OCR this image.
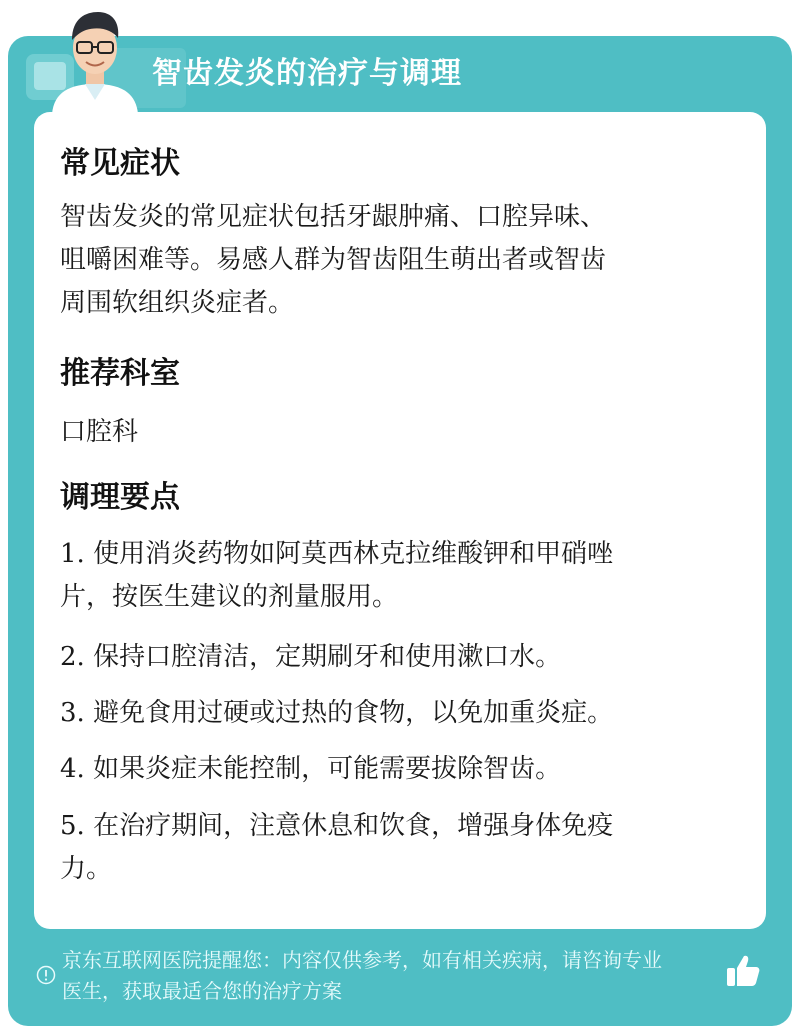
智齿发炎的治疗与调理
常见症状
智齿发炎的常见症状包括牙龈肿痛、口腔异味、
咀嚼困难等。易感人群为智齿阻生萌出者或智齿
周围软组织炎症者。
推荐科室
口腔科
调理要点
1. 使用消炎药物如阿莫西林克拉维酸钾和甲硝唑
片，按医生建议的剂量服用。
2. 保持口腔清洁，定期刷牙和使用漱口水。
3. 避免食用过硬或过热的食物，以免加重炎症。
4. 如果炎症未能控制，可能需要拔除智齿。
5. 在治疗期间，注意休息和饮食，增强身体免疫
力。
京东互联网医院提醒您：内容仅供参考，如有相关疾病，请咨询专业
医生，获取最适合您的治疗方案
